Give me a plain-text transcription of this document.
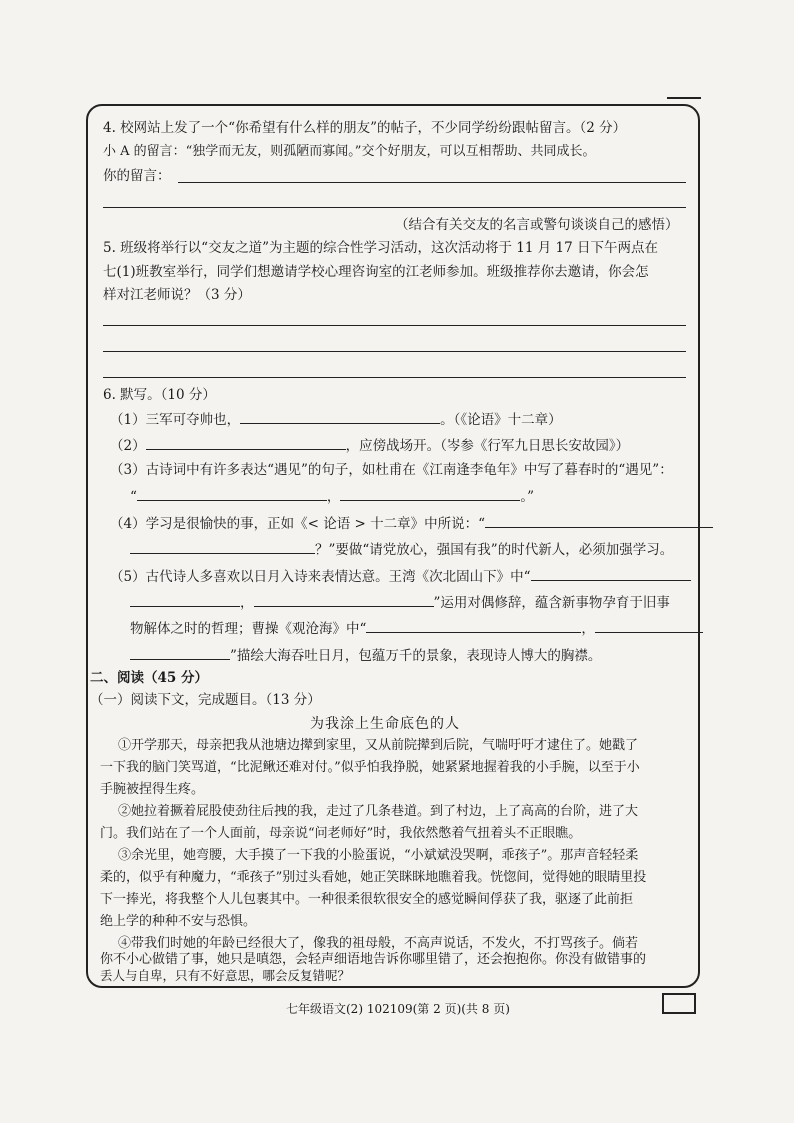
4. 校网站上发了一个“你希望有什么样的朋友”的帖子，不少同学纷纷跟帖留言。（2 分）
小 A 的留言：“独学而无友，则孤陋而寡闻。”交个好朋友，可以互相帮助、共同成长。
你的留言：
（结合有关交友的名言或警句谈谈自己的感悟）
5. 班级将举行以“交友之道”为主题的综合性学习活动，这次活动将于 11 月 17 日下午两点在
七(1)班教室举行，同学们想邀请学校心理咨询室的江老师参加。班级推荐你去邀请，你会怎
样对江老师说？（3 分）
6. 默写。（10 分）
（1）三军可夺帅也，	。（《论语》十二章）
（2）	，应傍战场开。（岑参《行军九日思长安故园》）
（3）古诗词中有许多表达“遇见”的句子，如杜甫在《江南逢李龟年》中写了暮春时的“遇见”：
“	，	。”
（4）学习是很愉快的事，正如《< 论语 > 十二章》中所说：“
？”要做“请党放心，强国有我”的时代新人，必须加强学习。
（5）古代诗人多喜欢以日月入诗来表情达意。王湾《次北固山下》中“
，	”运用对偶修辞，蕴含新事物孕育于旧事
物解体之时的哲理；曹操《观沧海》中“	，
”描绘大海吞吐日月，包蕴万千的景象，表现诗人博大的胸襟。
二、阅读（45 分）
（一）阅读下文，完成题目。（13 分）
为我涂上生命底色的人
①开学那天，母亲把我从池塘边撵到家里，又从前院撵到后院，气喘吁吁才逮住了。她戳了
一下我的脑门笑骂道，“比泥鳅还难对付。”似乎怕我挣脱，她紧紧地握着我的小手腕，以至于小
手腕被捏得生疼。
②她拉着撅着屁股使劲往后拽的我，走过了几条巷道。到了村边，上了高高的台阶，进了大
门。我们站在了一个人面前，母亲说“问老师好”时，我依然憋着气扭着头不正眼瞧。
③余光里，她弯腰，大手摸了一下我的小脸蛋说，“小斌斌没哭啊，乖孩子”。那声音轻轻柔
柔的，似乎有种魔力，“乖孩子”别过头看她，她正笑眯眯地瞧着我。恍惚间，觉得她的眼睛里投
下一捧光，将我整个人儿包裹其中。一种很柔很软很安全的感觉瞬间俘获了我，驱逐了此前拒
绝上学的种种不安与恐惧。
④带我们时她的年龄已经很大了，像我的祖母般，不高声说话，不发火，不打骂孩子。倘若
你不小心做错了事，她只是嗔怨，会轻声细语地告诉你哪里错了，还会抱抱你。你没有做错事的
丢人与自卑，只有不好意思，哪会反复错呢？
七年级语文(2) 102109(第 2 页)(共 8 页)
